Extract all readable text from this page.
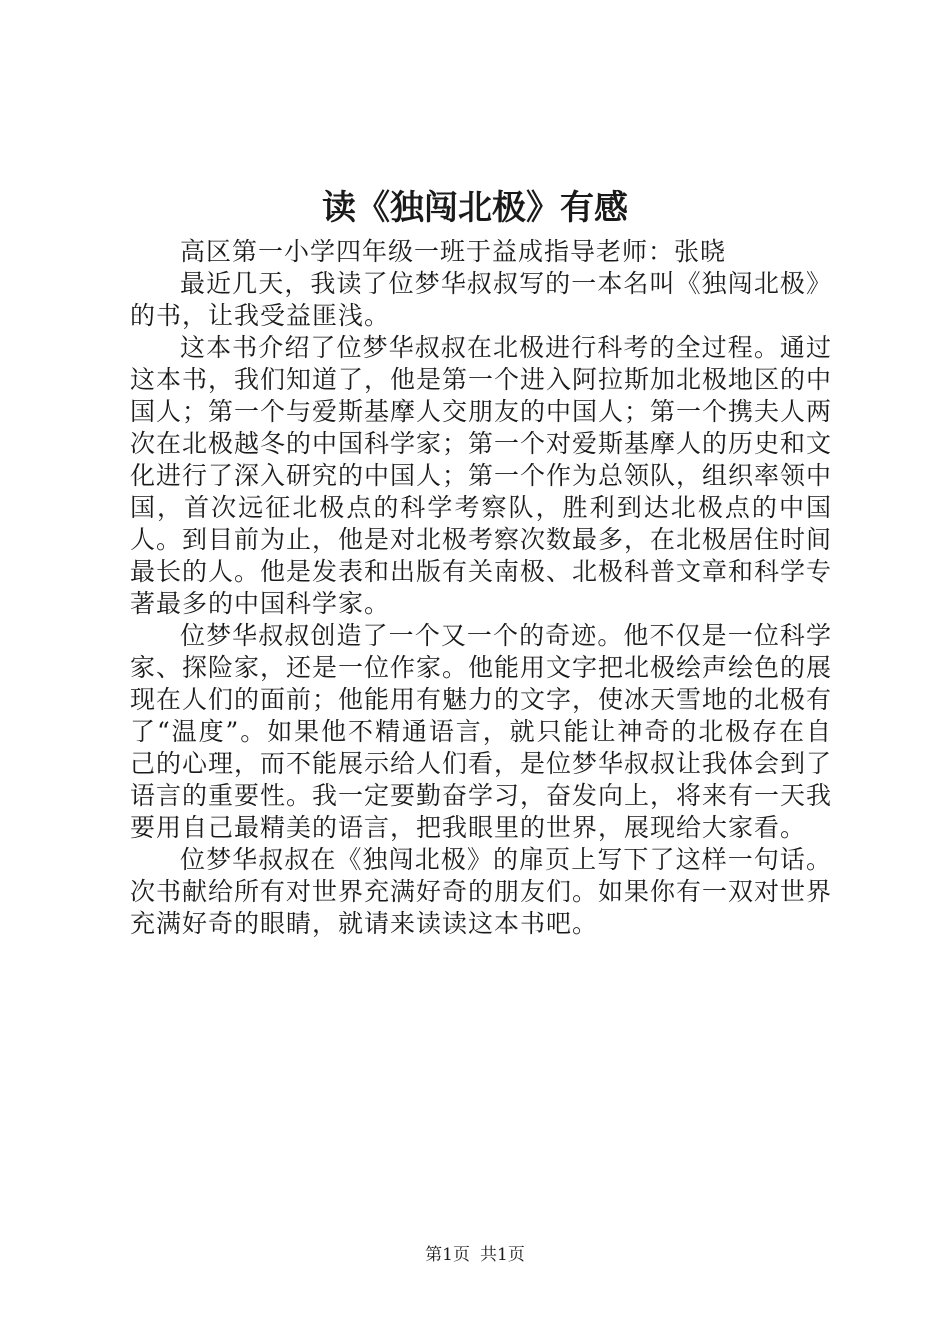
读《独闯北极》有感

高区第一小学四年级一班于益成指导老师：张晓

最近几天，我读了位梦华叔叔写的一本名叫《独闯北极》的书，让我受益匪浅。

这本书介绍了位梦华叔叔在北极进行科考的全过程。通过这本书，我们知道了，他是第一个进入阿拉斯加北极地区的中国人；第一个与爱斯基摩人交朋友的中国人；第一个携夫人两次在北极越冬的中国科学家；第一个对爱斯基摩人的历史和文化进行了深入研究的中国人；第一个作为总领队，组织率领中国，首次远征北极点的科学考察队，胜利到达北极点的中国人。到目前为止，他是对北极考察次数最多，在北极居住时间最长的人。他是发表和出版有关南极、北极科普文章和科学专著最多的中国科学家。

位梦华叔叔创造了一个又一个的奇迹。他不仅是一位科学家、探险家，还是一位作家。他能用文字把北极绘声绘色的展现在人们的面前；他能用有魅力的文字，使冰天雪地的北极有了“温度”。如果他不精通语言，就只能让神奇的北极存在自己的心理，而不能展示给人们看，是位梦华叔叔让我体会到了语言的重要性。我一定要勤奋学习，奋发向上，将来有一天我要用自己最精美的语言，把我眼里的世界，展现给大家看。

位梦华叔叔在《独闯北极》的扉页上写下了这样一句话。次书献给所有对世界充满好奇的朋友们。如果你有一双对世界充满好奇的眼睛，就请来读读这本书吧。

第1页 共1页
